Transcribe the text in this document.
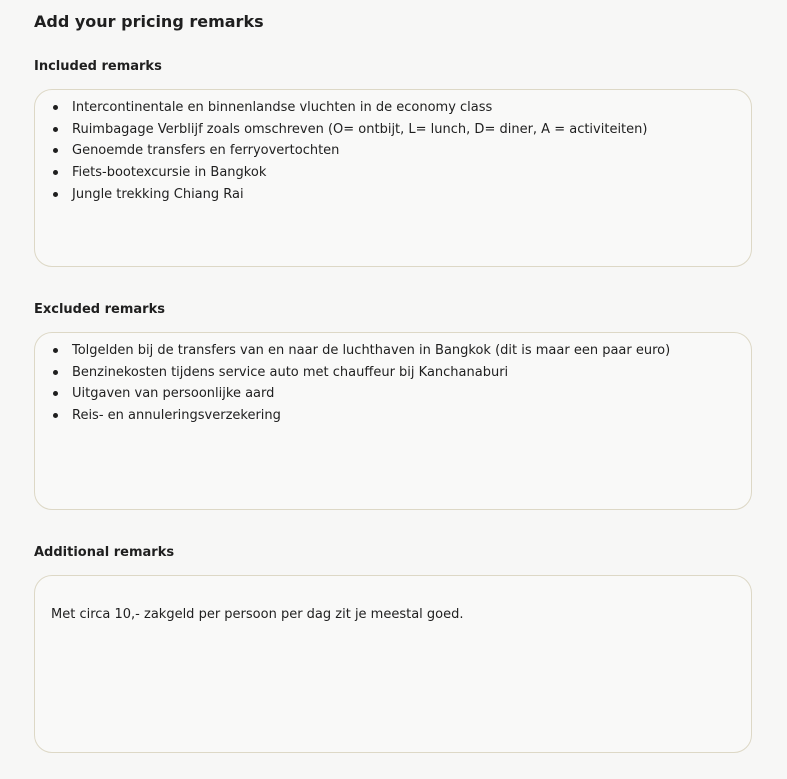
Add your pricing remarks
Included remarks
Intercontinentale en binnenlandse vluchten in de economy class
Ruimbagage Verblijf zoals omschreven (O= ontbijt, L= lunch, D= diner, A = activiteiten)
Genoemde transfers en ferryovertochten
Fiets-bootexcursie in Bangkok
Jungle trekking Chiang Rai
Excluded remarks
Tolgelden bij de transfers van en naar de luchthaven in Bangkok (dit is maar een paar euro)
Benzinekosten tijdens service auto met chauffeur bij Kanchanaburi
Uitgaven van persoonlijke aard
Reis- en annuleringsverzekering
Additional remarks

Met circa 10,- zakgeld per persoon per dag zit je meestal goed.
